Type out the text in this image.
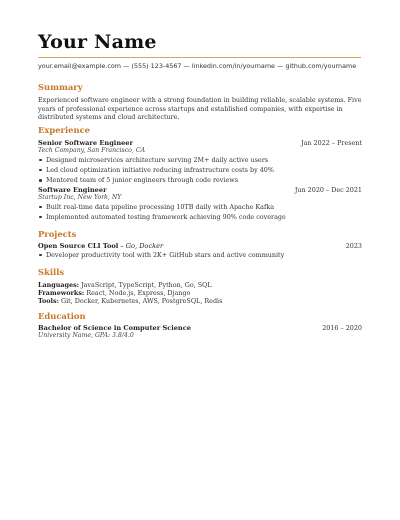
Your Name
your.email@example.com — (555) 123-4567 — linkedin.com/in/yourname — github.com/yourname
Summary
Experienced software engineer with a strong foundation in building reliable, scalable systems. Five years of professional experience across startups and established companies, with expertise in distributed systems and cloud architecture.
Experience
Senior Software Engineer	Jan 2022 – Present
Tech Company, San Francisco, CA
Designed microservices architecture serving 2M+ daily active users
Led cloud optimization initiative reducing infrastructure costs by 40%
Mentored team of 5 junior engineers through code reviews
Software Engineer	Jun 2020 – Dec 2021
Startup Inc, New York, NY
Built real-time data pipeline processing 10TB daily with Apache Kafka
Implemented automated testing framework achieving 90% code coverage
Projects
Open Source CLI Tool – Go, Docker	2023
Developer productivity tool with 2K+ GitHub stars and active community
Skills
Languages: JavaScript, TypeScript, Python, Go, SQL
Frameworks: React, Node.js, Express, Django
Tools: Git, Docker, Kubernetes, AWS, PostgreSQL, Redis
Education
Bachelor of Science in Computer Science	2016 – 2020
University Name, GPA: 3.8/4.0
